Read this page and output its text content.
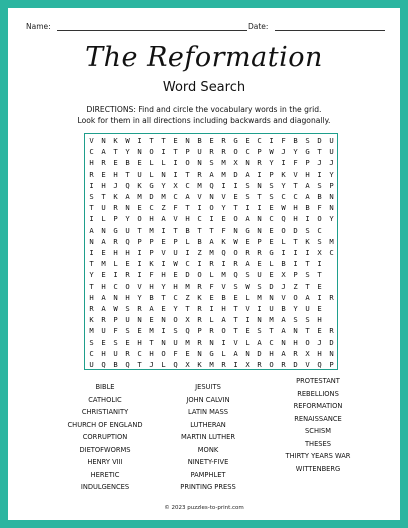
Name:	Date:
The Reformation
Word Search
DIRECTIONS: Find and circle the vocabulary words in the grid.
Look for them in all directions including backwards and diagonally.
V	N	K	W	I	T	T	E	N	B	E	R	G	E	C	I	F	B	S	D	U
C	A	T	Y	N	O	I	T	P	U	R	R	O	C	P	W	J	Y	G	T	U
H	R	E	B	E	L	L	I	O	N	S	M	X	N	R	Y	I	F	P	J	J
R	E	H	T	U	L	N	I	T	R	A	M	D	A	I	P	K	V	H	I	Y
I	H	J	Q	K	G	Y	X	C	M	Q	I	I	S	N	S	Y	T	A	S	P
S	T	K	A	M	D	M	C	A	V	N	V	E	S	T	S	C	C	A	B	N
T	U	R	N	E	C	Z	F	T	I	O	Y	T	I	I	E	W	H	B	F	N
I	L	P	Y	O	H	A	V	H	C	I	E	O	A	N	C	Q	H	I	O	Y
A	N	G	U	T	M	I	T	B	T	T	F	N	G	N	E	O	D	S	C
N	A	R	Q	P	P	E	P	L	B	A	K	W	E	P	E	L	T	K	S	M
I	E	H	H	I	P	V	U	I	Z	M	Q	O	R	R	G	I	I	I	X	C
T	M	L	E	I	K	I	W	C	I	R	I	R	A	E	L	B	I	T	I
Y	E	I	R	I	F	H	E	D	O	L	M	Q	S	U	E	X	P	S	T
T	H	C	O	V	H	Y	H	M	R	F	V	S	W	S	D	J	Z	T	E
H	A	N	H	Y	B	T	C	Z	K	E	B	E	L	M	N	V	O	A	I	R
R	A	W	S	R	A	E	Y	T	R	I	H	T	V	I	U	B	Y	U	E
K	R	P	U	N	E	N	O	X	R	L	A	T	I	N	M	A	S	S	H
M	U	F	S	E	M	I	S	Q	P	R	O	T	E	S	T	A	N	T	E	R
S	E	S	E	H	T	N	U	M	R	N	I	V	L	A	C	N	H	O	J	D
C	H	U	R	C	H	O	F	E	N	G	L	A	N	D	H	A	R	X	H	N
U	Q	B	Q	T	J	L	Q	X	K	M	R	I	X	R	O	R	D	V	Q	P
BIBLE
CATHOLIC
CHRISTIANITY
CHURCH OF ENGLAND
CORRUPTION
DIETOFWORMS
HENRY VIII
HERETIC
INDULGENCES
JESUITS
JOHN CALVIN
LATIN MASS
LUTHERAN
MARTIN LUTHER
MONK
NINETY-FIVE
PAMPHLET
PRINTING PRESS
PROTESTANT
REBELLIONS
REFORMATION
RENAISSANCE
SCHISM
THESES
THIRTY YEARS WAR
WITTENBERG
© 2023 puzzles-to-print.com
